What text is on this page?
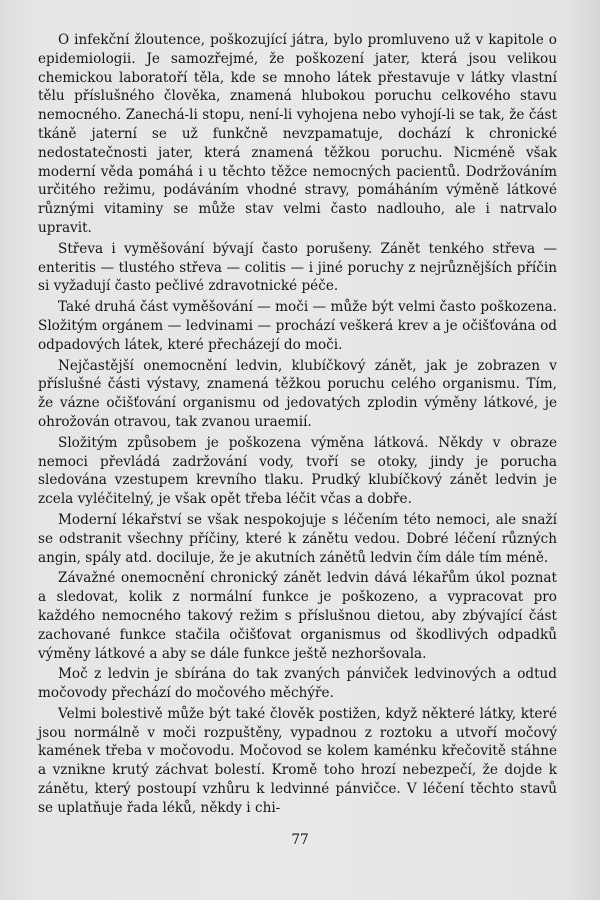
O infekční žloutence, poškozující játra, bylo promluveno už v kapitole o epidemiologii. Je samozřejmé, že poškození jater, která jsou velikou chemickou laboratoří těla, kde se mnoho látek přestavuje v látky vlastní tělu příslušného člověka, znamená hlubokou poruchu celkového stavu nemocného. Zanechá-li stopu, není-li vyhojena nebo vyhojí-li se tak, že část tkáně jaterní se už funkčně nevzpamatuje, dochází k chronické nedostatečnosti jater, která znamená těžkou poruchu. Nicméně však moderní věda pomáhá i u těchto těžce nemocných pacientů. Dodržováním určitého režimu, podáváním vhodné stravy, pomáháním výměně látkové různými vitaminy se může stav velmi často nadlouho, ale i natrvalo upravit.

Střeva i vyměšování bývají často porušeny. Zánět tenkého střeva — enteritis — tlustého střeva — colitis — i jiné poruchy z nejrůznějších příčin si vyžadují často pečlivé zdravotnické péče.

Také druhá část vyměšování — moči — může být velmi často poškozena. Složitým orgánem — ledvinami — prochází veškerá krev a je očišťována od odpadových látek, které přecházejí do moči.

Nejčastější onemocnění ledvin, klubíčkový zánět, jak je zobrazen v příslušné části výstavy, znamená těžkou poruchu celého organismu. Tím, že vázne očišťování organismu od jedovatých zplodin výměny látkové, je ohrožován otravou, tak zvanou uraemií.

Složitým způsobem je poškozena výměna látková. Někdy v obraze nemoci převládá zadržování vody, tvoří se otoky, jindy je porucha sledována vzestupem krevního tlaku. Prudký klubíčkový zánět ledvin je zcela vyléčitelný, je však opět třeba léčit včas a dobře.

Moderní lékařství se však nespokojuje s léčením této nemoci, ale snaží se odstranit všechny příčiny, které k zánětu vedou. Dobré léčení různých angin, spály atd. dociluje, že je akutních zánětů ledvin čím dále tím méně.

Závažné onemocnění chronický zánět ledvin dává lékařům úkol poznat a sledovat, kolik z normální funkce je poškozeno, a vypracovat pro každého nemocného takový režim s příslušnou dietou, aby zbývající část zachované funkce stačila očišťovat organismus od škodlivých odpadků výměny látkové a aby se dále funkce ještě nezhoršovala.

Moč z ledvin je sbírána do tak zvaných pánviček ledvinových a odtud močovody přechází do močového měchýře.

Velmi bolestivě může být také člověk postižen, když některé látky, které jsou normálně v moči rozpuštěny, vypadnou z roztoku a utvoří močový kamének třeba v močovodu. Močovod se kolem kaménku křečovitě stáhne a vznikne krutý záchvat bolestí. Kromě toho hrozí nebezpečí, že dojde k zánětu, který postoupí vzhůru k ledvinné pánvičce. V léčení těchto stavů se uplatňuje řada léků, někdy i chi-

77
